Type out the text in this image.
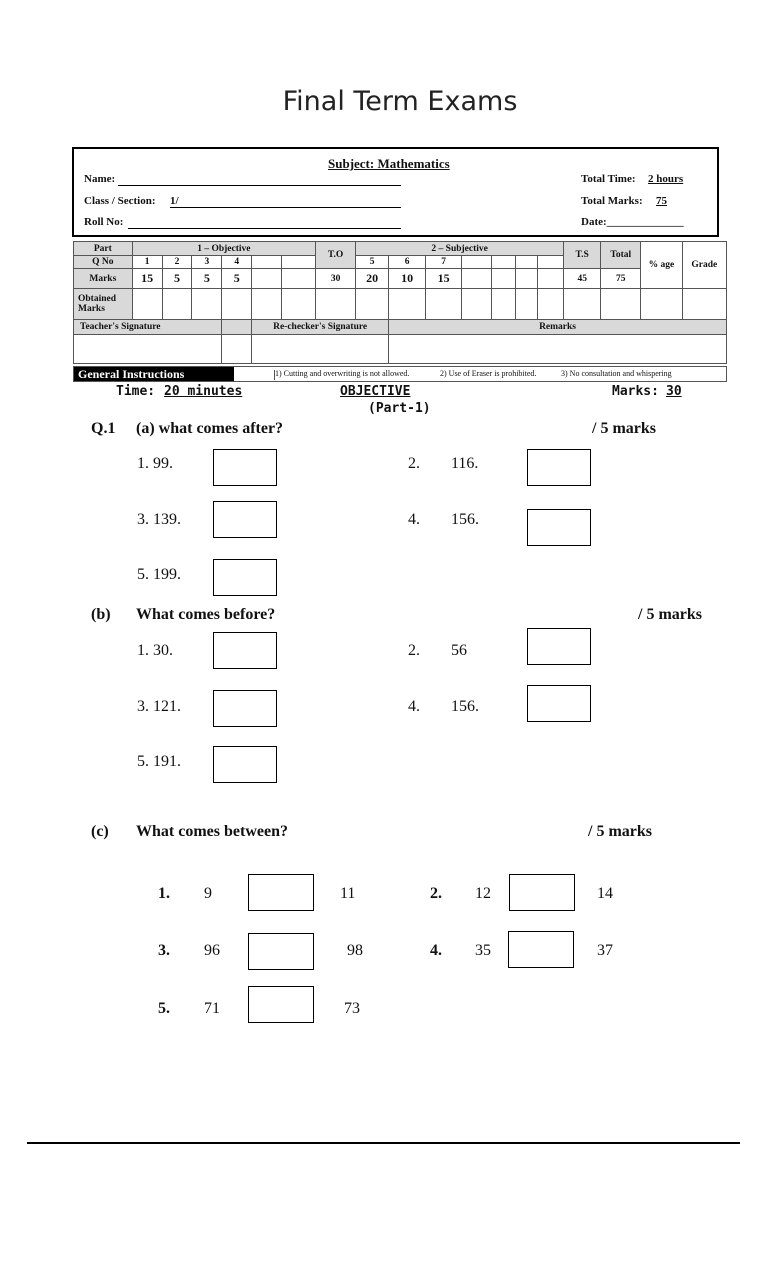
Final Term Exams
Subject: Mathematics
Name:
Class / Section: 1/
Roll No:
Total Time: 2 hours
Total Marks: 75
Date:______________
Part	1 – Objective						T.O	2 – Subjective							T.S	Total	% age	Grade
Q No	1	2	3	4				5	6	7								
Marks	15	5	5	5			30	20	10	15					45	75		
Obtained Marks																		
Teacher's Signature					Re-checker's Signature				Remarks									

General Instructions	1) Cutting and overwriting is not allowed.	2) Use of Eraser is prohibited.	3) No consultation and whispering
Time: 20 minutes	OBJECTIVE
(Part-1)
Marks: 30
Q.1 (a) what comes after?	/ 5 marks
1. 99.	2. 116.
3. 139.	4. 156.
5. 199.
(b) What comes before?	/ 5 marks
1. 30.	2. 56
3. 121.	4. 156.
5. 191.
(c) What comes between?	/ 5 marks
1. 9	11	2. 12	14
3. 96	98	4. 35	37
5. 71	73
